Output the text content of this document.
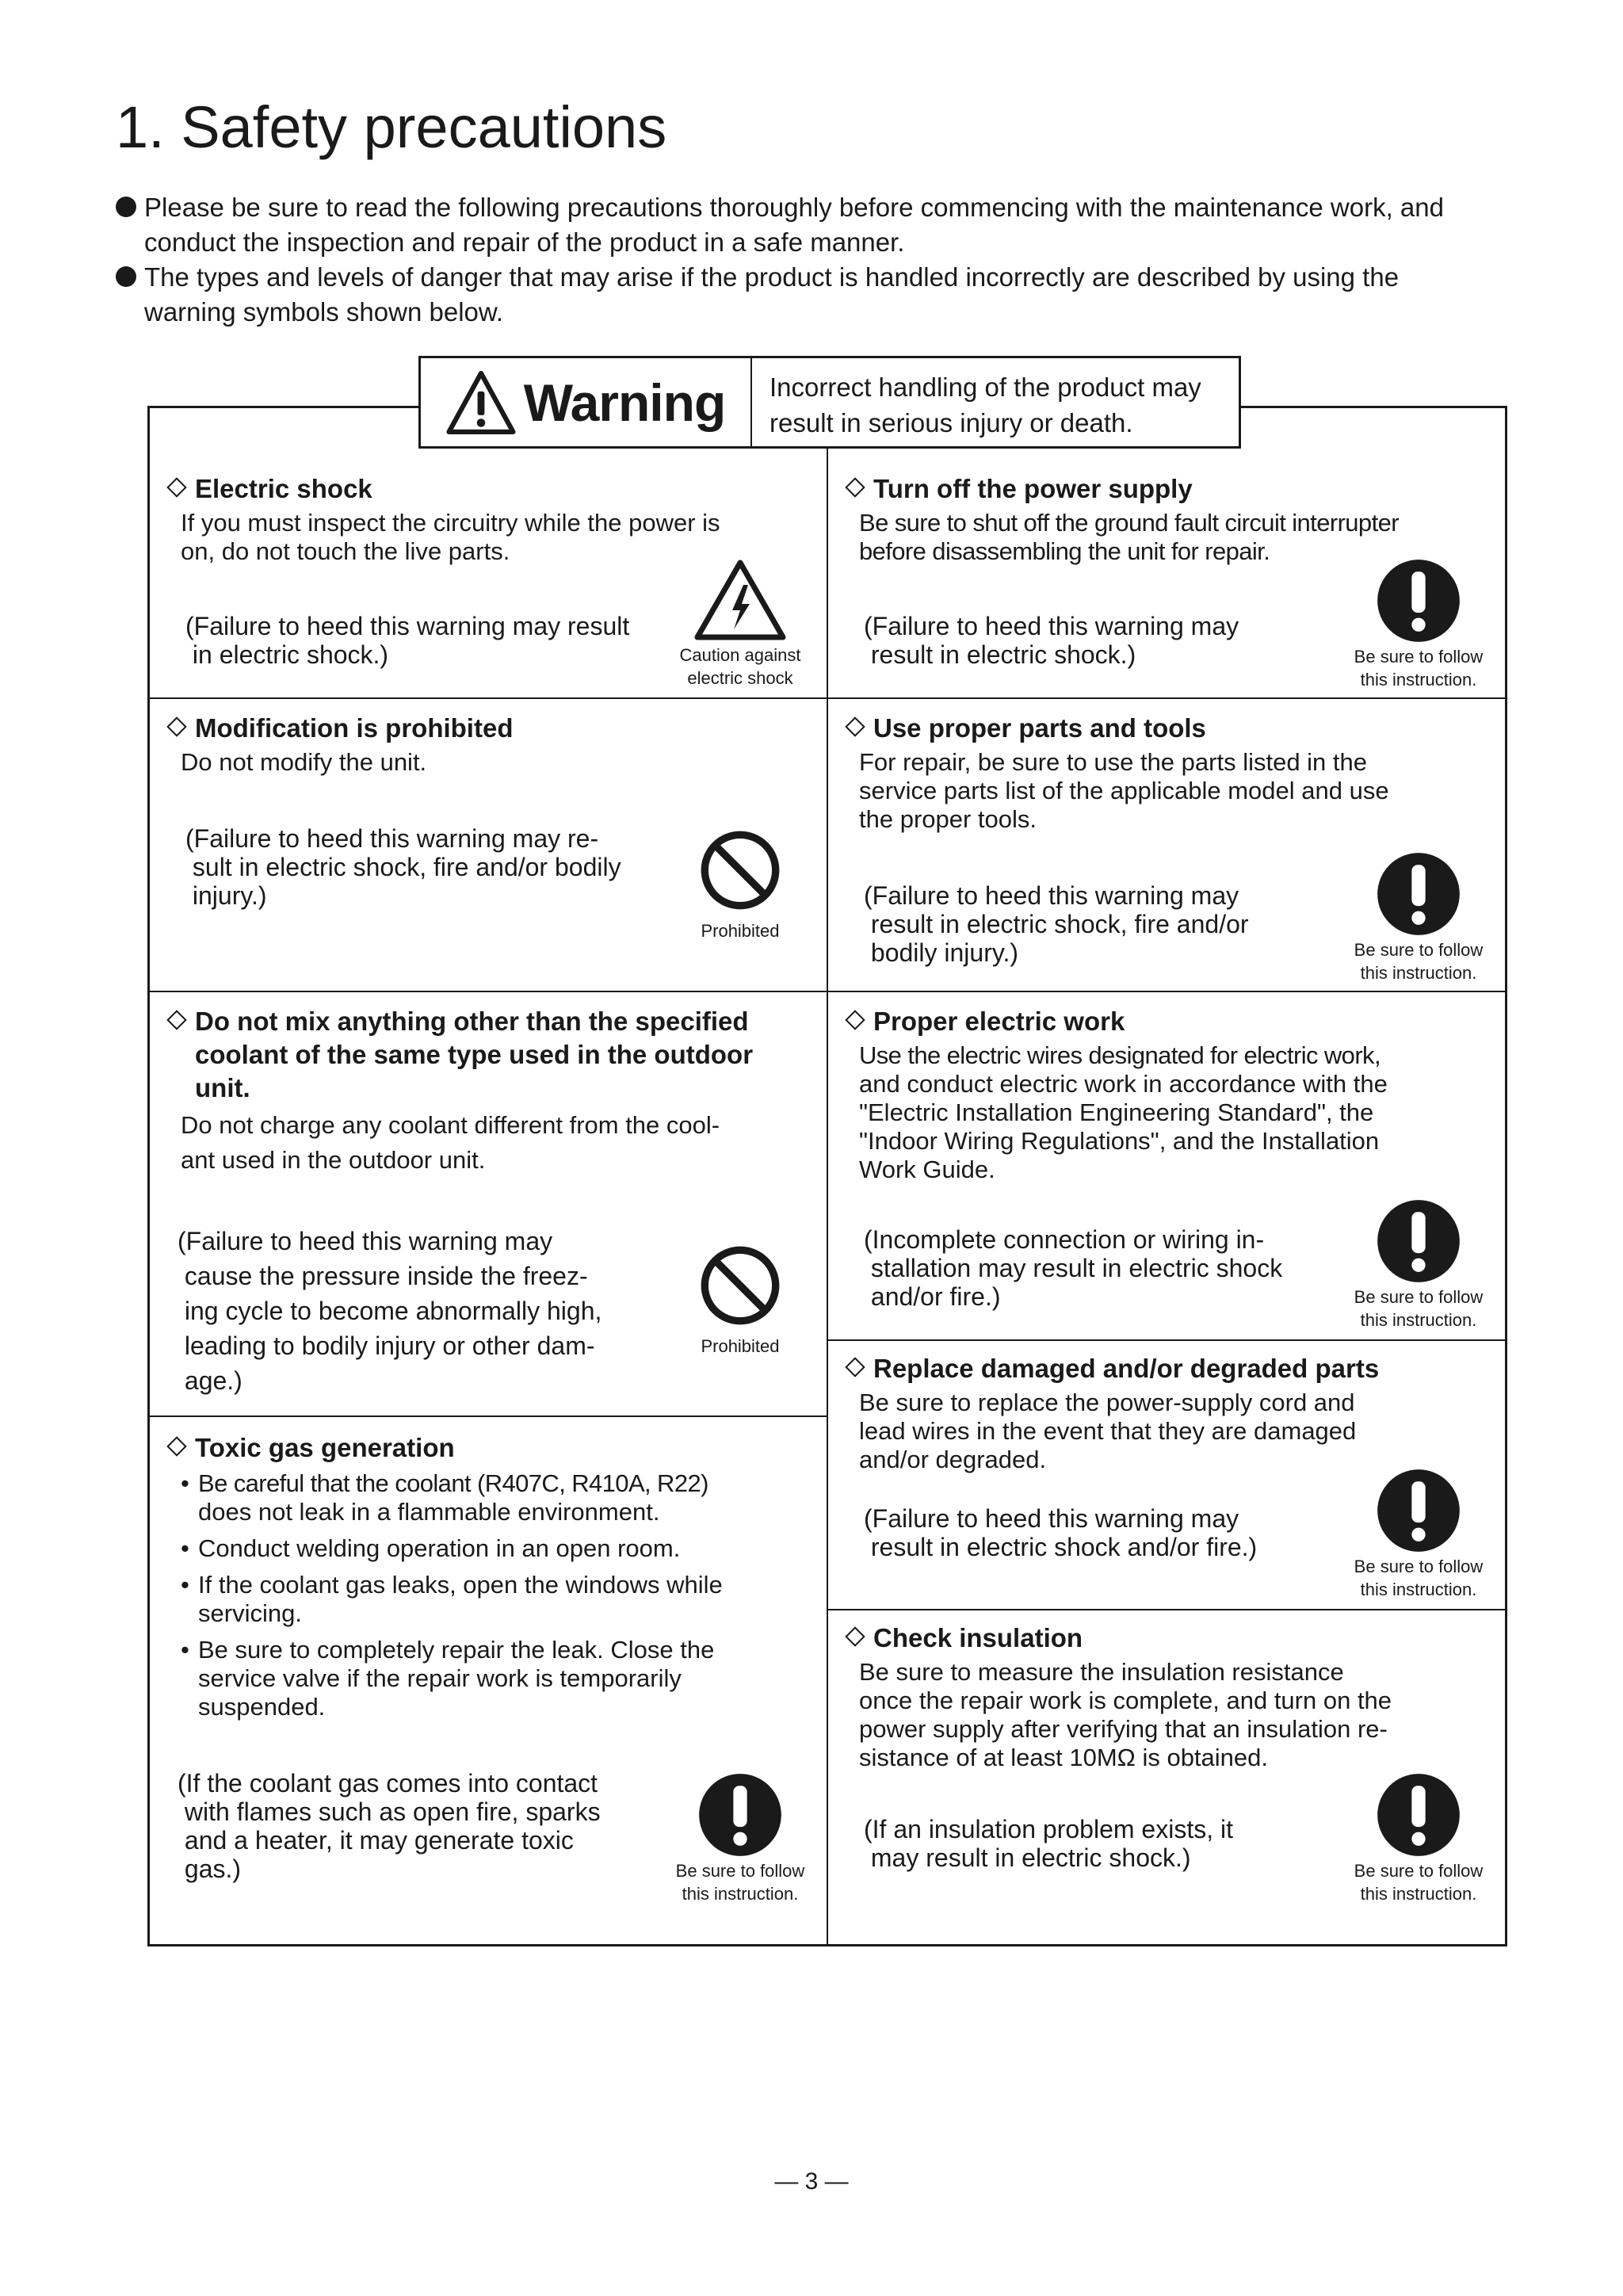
1. Safety precautions
Please be sure to read the following precautions thoroughly before commencing with the maintenance work, and
conduct the inspection and repair of the product in a safe manner.
The types and levels of danger that may arise if the product is handled incorrectly are described by using the
warning symbols shown below.
Warning Incorrect handling of the product may
result in serious injury or death.
Electric shock
If you must inspect the circuitry while the power is
on, do not touch the live parts.
(Failure to heed this warning may result
in electric shock.)	Caution against
electric shock
Turn off the power supply
Be sure to shut off the ground fault circuit interrupter
before disassembling the unit for repair.
(Failure to heed this warning may
result in electric shock.)	Be sure to follow
this instruction.
Modification is prohibited
Do not modify the unit.
(Failure to heed this warning may re-
sult in electric shock, fire and/or bodily
injury.)
Prohibited
Use proper parts and tools
For repair, be sure to use the parts listed in the
service parts list of the applicable model and use
the proper tools.
(Failure to heed this warning may
result in electric shock, fire and/or
bodily injury.)	Be sure to follow
this instruction.
Do not mix anything other than the specified
coolant of the same type used in the outdoor
unit.
Do not charge any coolant different from the cool-
ant used in the outdoor unit.
(Failure to heed this warning may
cause the pressure inside the freez-
ing cycle to become abnormally high,
leading to bodily injury or other dam-
age.)
Prohibited
Proper electric work
Use the electric wires designated for electric work,
and conduct electric work in accordance with the
"Electric Installation Engineering Standard", the
"Indoor Wiring Regulations", and the Installation
Work Guide.
(Incomplete connection or wiring in-
stallation may result in electric shock
and/or fire.)	Be sure to follow
this instruction.
Toxic gas generation
• Be careful that the coolant (R407C, R410A, R22)
does not leak in a flammable environment.
• Conduct welding operation in an open room.
• If the coolant gas leaks, open the windows while
servicing.
• Be sure to completely repair the leak. Close the
service valve if the repair work is temporarily
suspended.
(If the coolant gas comes into contact
with flames such as open fire, sparks
and a heater, it may generate toxic
gas.)	Be sure to follow
this instruction.
Replace damaged and/or degraded parts
Be sure to replace the power-supply cord and
lead wires in the event that they are damaged
and/or degraded.
(Failure to heed this warning may
result in electric shock and/or fire.)
Be sure to follow
this instruction.
Check insulation
Be sure to measure the insulation resistance
once the repair work is complete, and turn on the
power supply after verifying that an insulation re-
sistance of at least 10MΩ is obtained.
(If an insulation problem exists, it
may result in electric shock.)	Be sure to follow
this instruction.
— 3 —
